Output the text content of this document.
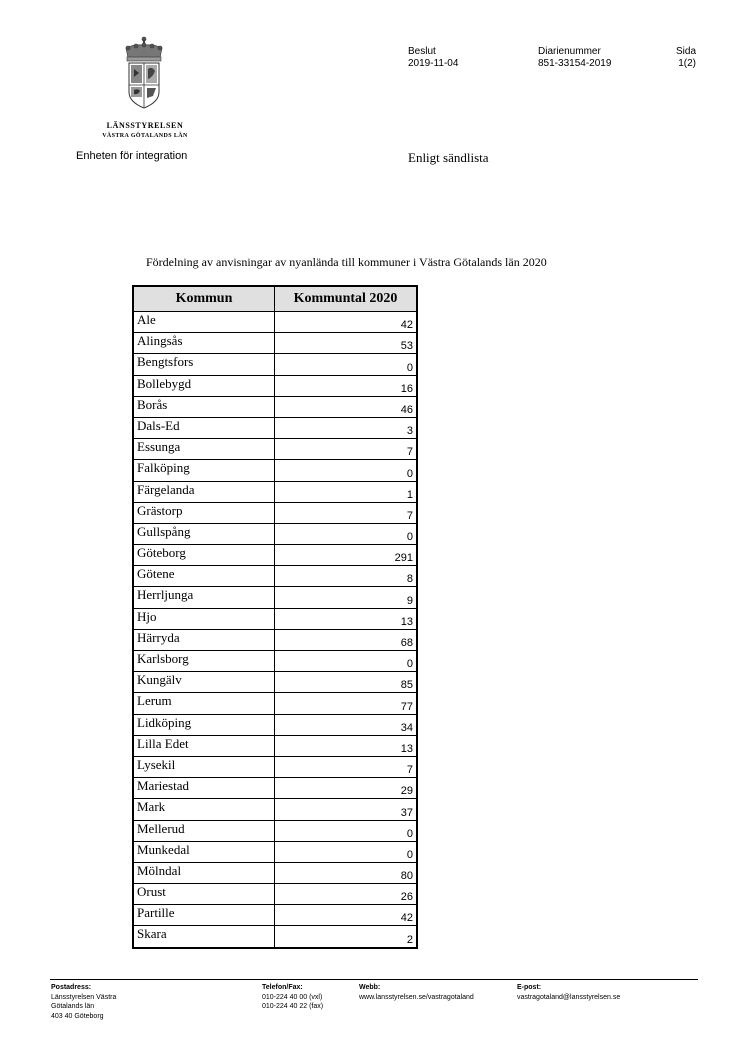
LÄNSSTYRELSEN
VÄSTRA GÖTALANDS LÄN
Enheten för integration
Beslut
2019-11-04
Diarienummer
851-33154-2019
Sida
1(2)
Enligt sändlista
Fördelning av anvisningar av nyanlända till kommuner i Västra Götalands län 2020
Kommun	Kommuntal 2020
Ale	42
Alingsås	53
Bengtsfors	0
Bollebygd	16
Borås	46
Dals-Ed	3
Essunga	7
Falköping	0
Färgelanda	1
Grästorp	7
Gullspång	0
Göteborg	291
Götene	8
Herrljunga	9
Hjo	13
Härryda	68
Karlsborg	0
Kungälv	85
Lerum	77
Lidköping	34
Lilla Edet	13
Lysekil	7
Mariestad	29
Mark	37
Mellerud	0
Munkedal	0
Mölndal	80
Orust	26
Partille	42
Skara	2
Postadress:
Länsstyrelsen Västra
Götalands län
403 40 Göteborg
Telefon/Fax:
010-224 40 00 (vxl)
010-224 40 22 (fax)
Webb:
www.lansstyrelsen.se/vastragotaland
E-post:
vastragotaland@lansstyrelsen.se
